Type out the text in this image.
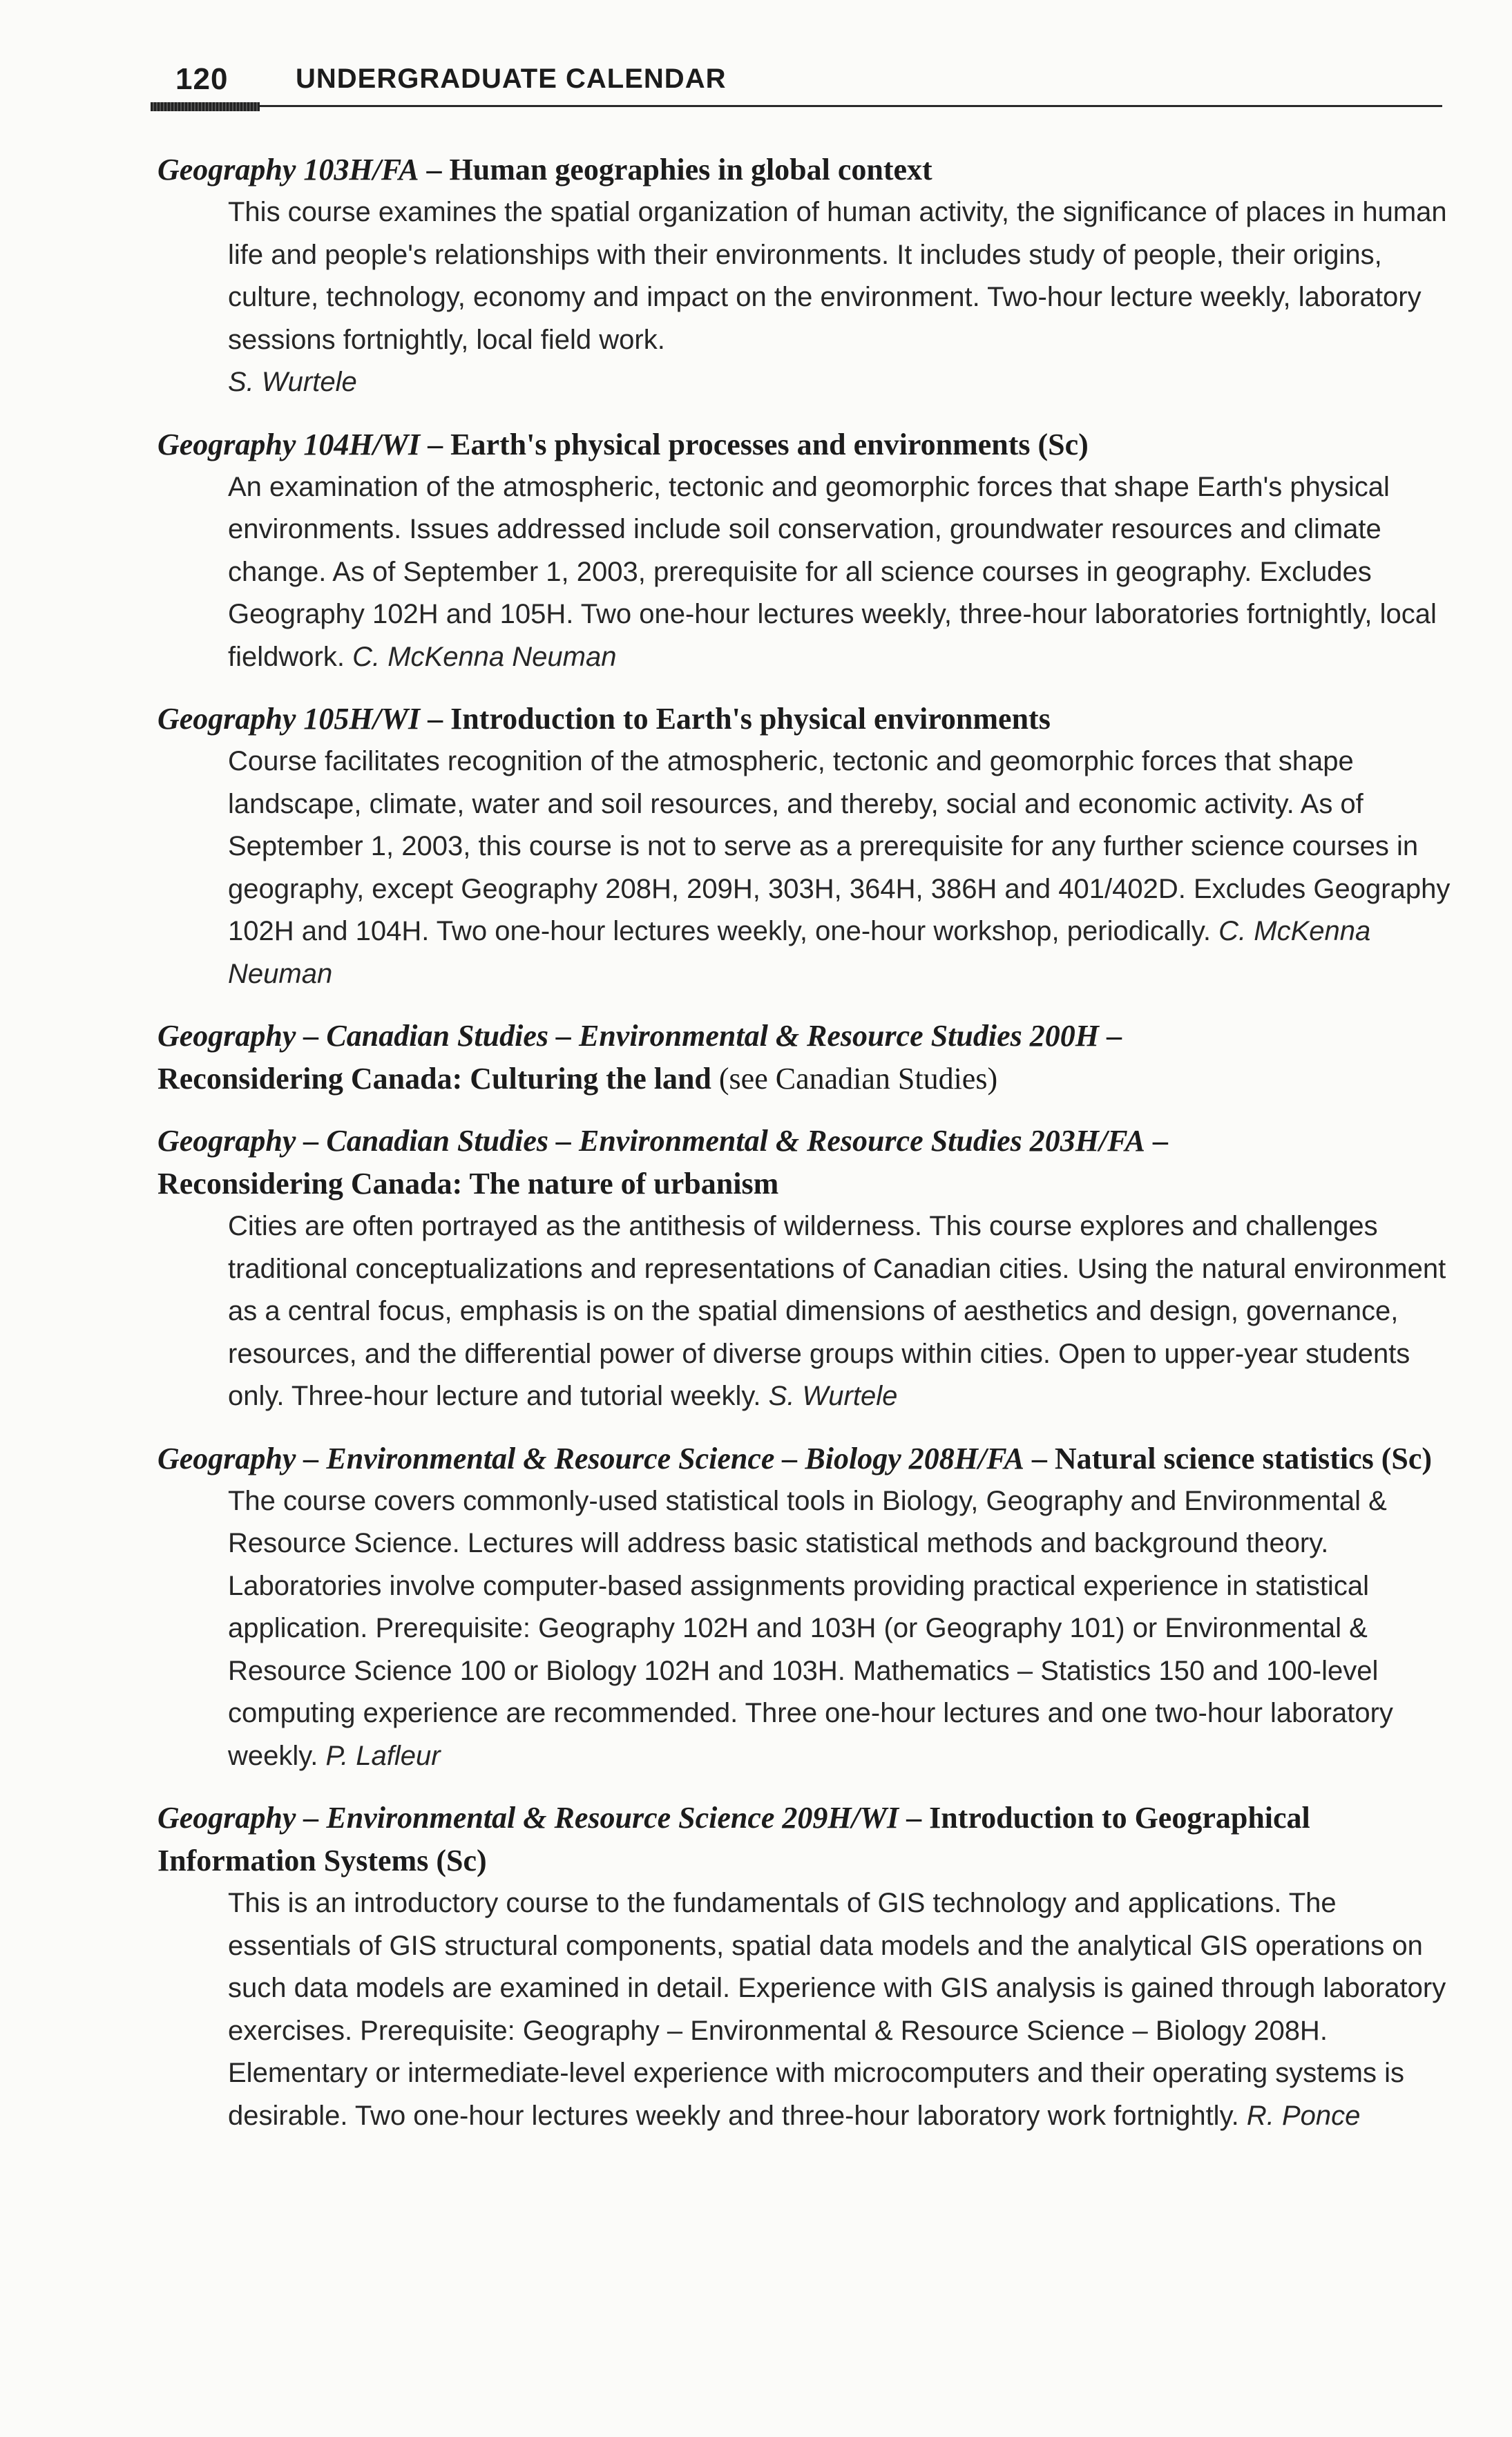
120 UNDERGRADUATE CALENDAR
Geography 103H/FA – Human geographies in global context
This course examines the spatial organization of human activity, the significance of places in human life and people's relationships with their environments. It includes study of people, their origins, culture, technology, economy and impact on the environment. Two-hour lecture weekly, laboratory sessions fortnightly, local field work.
S. Wurtele
Geography 104H/WI – Earth's physical processes and environments (Sc)
An examination of the atmospheric, tectonic and geomorphic forces that shape Earth's physical environments. Issues addressed include soil conservation, groundwater resources and climate change. As of September 1, 2003, prerequisite for all science courses in geography. Excludes Geography 102H and 105H. Two one-hour lectures weekly, three-hour laboratories fortnightly, local fieldwork. C. McKenna Neuman
Geography 105H/WI – Introduction to Earth's physical environments
Course facilitates recognition of the atmospheric, tectonic and geomorphic forces that shape landscape, climate, water and soil resources, and thereby, social and economic activity. As of September 1, 2003, this course is not to serve as a prerequisite for any further science courses in geography, except Geography 208H, 209H, 303H, 364H, 386H and 401/402D. Excludes Geography 102H and 104H. Two one-hour lectures weekly, one-hour workshop, periodically. C. McKenna Neuman
Geography – Canadian Studies – Environmental & Resource Studies 200H –
Reconsidering Canada: Culturing the land (see Canadian Studies)
Geography – Canadian Studies – Environmental & Resource Studies 203H/FA –
Reconsidering Canada: The nature of urbanism
Cities are often portrayed as the antithesis of wilderness. This course explores and challenges traditional conceptualizations and representations of Canadian cities. Using the natural environment as a central focus, emphasis is on the spatial dimensions of aesthetics and design, governance, resources, and the differential power of diverse groups within cities. Open to upper-year students only. Three-hour lecture and tutorial weekly. S. Wurtele
Geography – Environmental & Resource Science – Biology 208H/FA – Natural science statistics (Sc)
The course covers commonly-used statistical tools in Biology, Geography and Environmental & Resource Science. Lectures will address basic statistical methods and background theory. Laboratories involve computer-based assignments providing practical experience in statistical application. Prerequisite: Geography 102H and 103H (or Geography 101) or Environmental & Resource Science 100 or Biology 102H and 103H. Mathematics – Statistics 150 and 100-level computing experience are recommended. Three one-hour lectures and one two-hour laboratory weekly. P. Lafleur
Geography – Environmental & Resource Science 209H/WI – Introduction to Geographical Information Systems (Sc)
This is an introductory course to the fundamentals of GIS technology and applications. The essentials of GIS structural components, spatial data models and the analytical GIS operations on such data models are examined in detail. Experience with GIS analysis is gained through laboratory exercises. Prerequisite: Geography – Environmental & Resource Science – Biology 208H. Elementary or intermediate-level experience with microcomputers and their operating systems is desirable. Two one-hour lectures weekly and three-hour laboratory work fortnightly. R. Ponce
